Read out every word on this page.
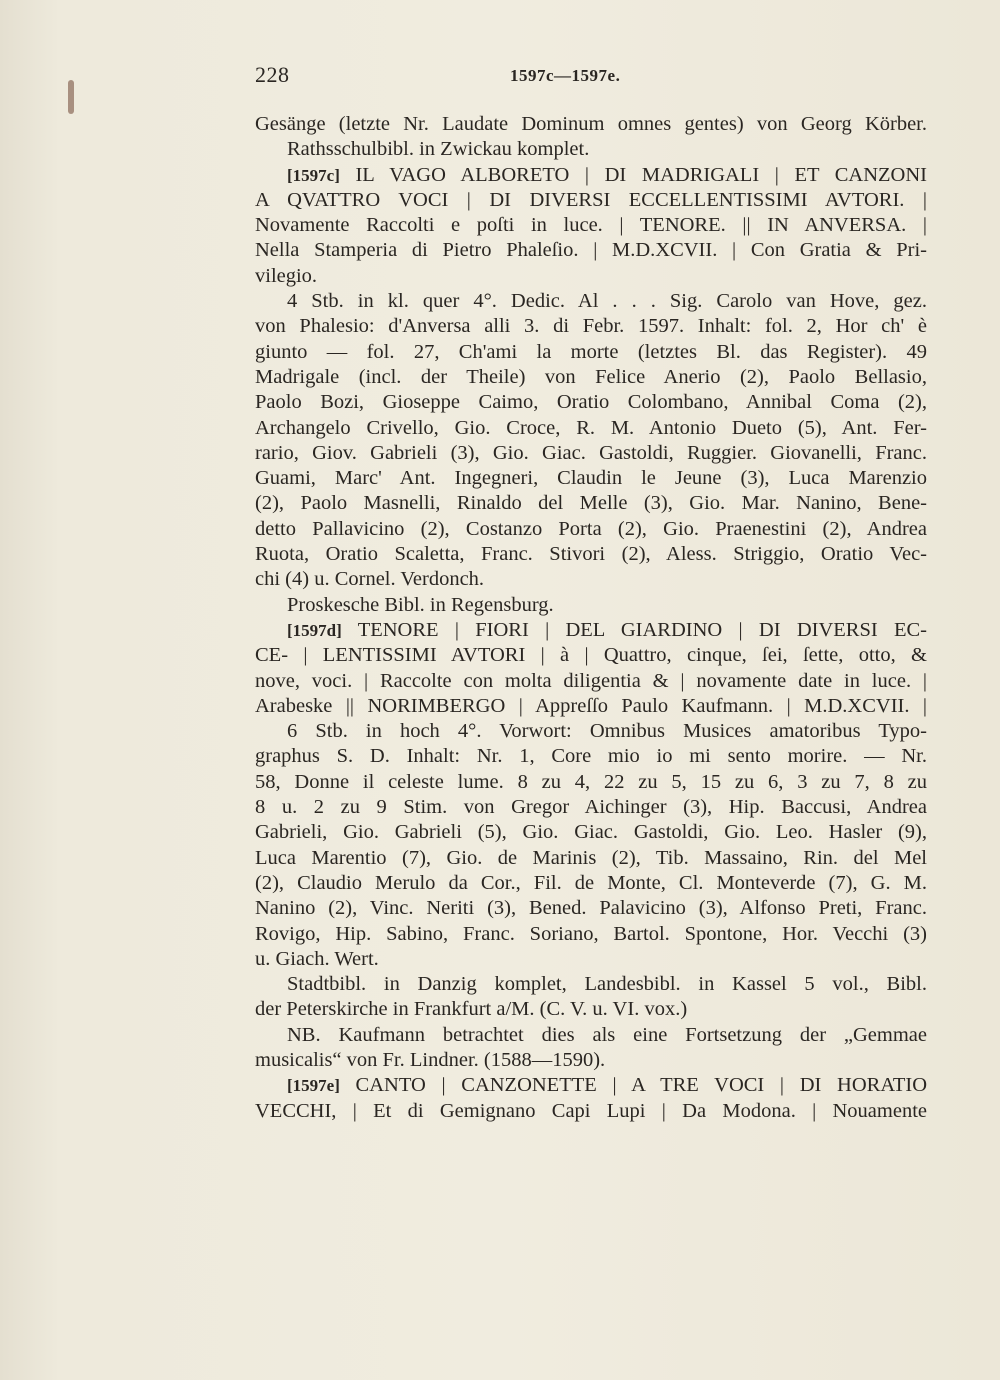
228	1597c—1597e.
Gesänge (letzte Nr. Laudate Dominum omnes gentes) von Georg Körber.
Rathsschulbibl. in Zwickau komplet.
[1597c] IL VAGO ALBORETO | DI MADRIGALI | ET CANZONI
A QVATTRO VOCI | DI DIVERSI ECCELLENTISSIMI AVTORI. |
Novamente Raccolti e poſti in luce. | TENORE. || IN ANVERSA. |
Nella Stamperia di Pietro Phaleſio. | M.D.XCVII. | Con Gratia & Pri-
vilegio.
4 Stb. in kl. quer 4°. Dedic. Al . . . Sig. Carolo van Hove, gez.
von Phalesio: d'Anversa alli 3. di Febr. 1597. Inhalt: fol. 2, Hor ch' è
giunto — fol. 27, Ch'ami la morte (letztes Bl. das Register). 49
Madrigale (incl. der Theile) von Felice Anerio (2), Paolo Bellasio,
Paolo Bozi, Gioseppe Caimo, Oratio Colombano, Annibal Coma (2),
Archangelo Crivello, Gio. Croce, R. M. Antonio Dueto (5), Ant. Fer-
rario, Giov. Gabrieli (3), Gio. Giac. Gastoldi, Ruggier. Giovanelli, Franc.
Guami, Marc' Ant. Ingegneri, Claudin le Jeune (3), Luca Marenzio
(2), Paolo Masnelli, Rinaldo del Melle (3), Gio. Mar. Nanino, Bene-
detto Pallavicino (2), Costanzo Porta (2), Gio. Praenestini (2), Andrea
Ruota, Oratio Scaletta, Franc. Stivori (2), Aless. Striggio, Oratio Vec-
chi (4) u. Cornel. Verdonch.
Proskesche Bibl. in Regensburg.
[1597d] TENORE | FIORI | DEL GIARDINO | DI DIVERSI EC-
CE- | LENTISSIMI AVTORI | à | Quattro, cinque, ſei, ſette, otto, &
nove, voci. | Raccolte con molta diligentia & | novamente date in luce. |
Arabeske || NORIMBERGO | Appreſſo Paulo Kaufmann. | M.D.XCVII. |
6 Stb. in hoch 4°. Vorwort: Omnibus Musices amatoribus Typo-
graphus S. D. Inhalt: Nr. 1, Core mio io mi sento morire. — Nr.
58, Donne il celeste lume. 8 zu 4, 22 zu 5, 15 zu 6, 3 zu 7, 8 zu
8 u. 2 zu 9 Stim. von Gregor Aichinger (3), Hip. Baccusi, Andrea
Gabrieli, Gio. Gabrieli (5), Gio. Giac. Gastoldi, Gio. Leo. Hasler (9),
Luca Marentio (7), Gio. de Marinis (2), Tib. Massaino, Rin. del Mel
(2), Claudio Merulo da Cor., Fil. de Monte, Cl. Monteverde (7), G. M.
Nanino (2), Vinc. Neriti (3), Bened. Palavicino (3), Alfonso Preti, Franc.
Rovigo, Hip. Sabino, Franc. Soriano, Bartol. Spontone, Hor. Vecchi (3)
u. Giach. Wert.
Stadtbibl. in Danzig komplet, Landesbibl. in Kassel 5 vol., Bibl.
der Peterskirche in Frankfurt a/M. (C. V. u. VI. vox.)
NB. Kaufmann betrachtet dies als eine Fortsetzung der „Gemmae
musicalis“ von Fr. Lindner. (1588—1590).
[1597e] CANTO | CANZONETTE | A TRE VOCI | DI HORATIO
VECCHI, | Et di Gemignano Capi Lupi | Da Modona. | Nouamente
